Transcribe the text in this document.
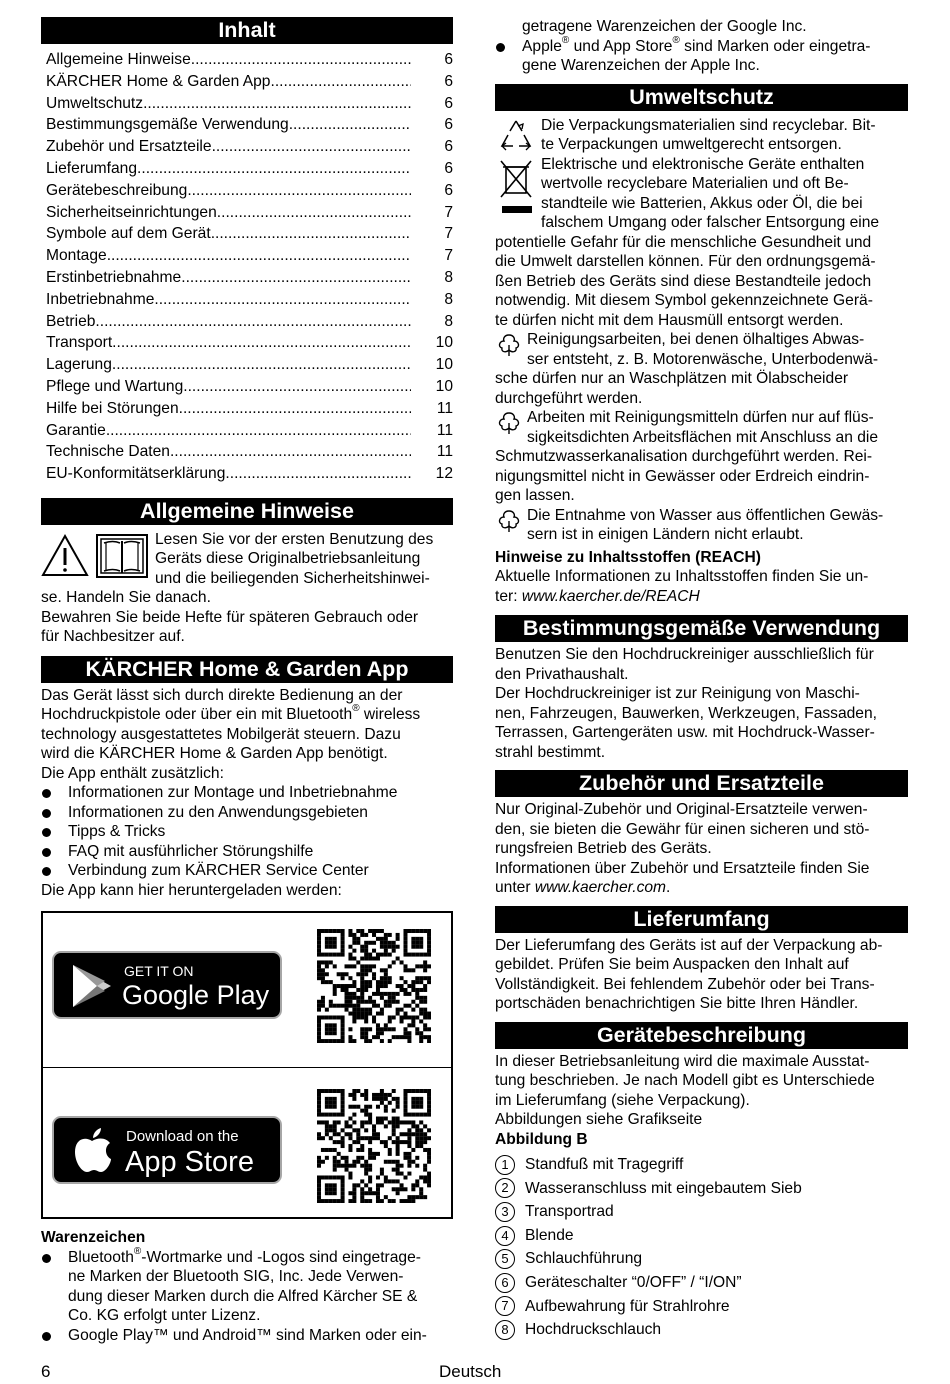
Inhalt
Allgemeine Hinweise .....	6
KÄRCHER Home & Garden App .....	6
Umweltschutz .....	6
Bestimmungsgemäße Verwendung .....	6
Zubehör und Ersatzteile .....	6
Lieferumfang .....	6
Gerätebeschreibung .....	6
Sicherheitseinrichtungen .....	7
Symbole auf dem Gerät .....	7
Montage .....	7
Erstinbetriebnahme .....	8
Inbetriebnahme .....	8
Betrieb .....	8
Transport .....	10
Lagerung .....	10
Pflege und Wartung .....	10
Hilfe bei Störungen .....	11
Garantie .....	11
Technische Daten .....	11
EU-Konformitätserklärung .....	12
Allgemeine Hinweise

Lesen Sie vor der ersten Benutzung des

Geräts diese Originalbetriebsanleitung

und die beiliegenden Sicherheitshinwei-

se. Handeln Sie danach.

Bewahren Sie beide Hefte für späteren Gebrauch oder

für Nachbesitzer auf.

KÄRCHER Home & Garden App

Das Gerät lässt sich durch direkte Bedienung an der

Hochdruckpistole oder über ein mit Bluetooth® wireless

technology ausgestattetes Mobilgerät steuern. Dazu

wird die KÄRCHER Home & Garden App benötigt.

Die App enthält zusätzlich:

Informationen zur Montage und Inbetriebnahme
Informationen zu den Anwendungsgebieten
Tipps & Tricks
FAQ mit ausführlicher Störungshilfe
Verbindung zum KÄRCHER Service Center

Die App kann hier heruntergeladen werden:

GET IT ON
Google Play
Download on the
App Store

Warenzeichen

Bluetooth®-Wortmarke und -Logos sind eingetrage-

ne Marken der Bluetooth SIG, Inc. Jede Verwen-

dung dieser Marken durch die Alfred Kärcher SE &

Co. KG erfolgt unter Lizenz.

Google Play™ und Android™ sind Marken oder ein-

getragene Warenzeichen der Google Inc.

Apple® und App Store® sind Marken oder eingetra-

gene Warenzeichen der Apple Inc.

Umweltschutz

Die Verpackungsmaterialien sind recyclebar. Bit-

te Verpackungen umweltgerecht entsorgen.

Elektrische und elektronische Geräte enthalten

wertvolle recyclebare Materialien und oft Be-

standteile wie Batterien, Akkus oder Öl, die bei

falschem Umgang oder falscher Entsorgung eine

potentielle Gefahr für die menschliche Gesundheit und

die Umwelt darstellen können. Für den ordnungsgemä-

ßen Betrieb des Geräts sind diese Bestandteile jedoch

notwendig. Mit diesem Symbol gekennzeichnete Gerä-

te dürfen nicht mit dem Hausmüll entsorgt werden.

Reinigungsarbeiten, bei denen ölhaltiges Abwas-

ser entsteht, z. B. Motorenwäsche, Unterbodenwä-

sche dürfen nur an Waschplätzen mit Ölabscheider

durchgeführt werden.

Arbeiten mit Reinigungsmitteln dürfen nur auf flüs-

sigkeitsdichten Arbeitsflächen mit Anschluss an die

Schmutzwasserkanalisation durchgeführt werden. Rei-

nigungsmittel nicht in Gewässer oder Erdreich eindrin-

gen lassen.

Die Entnahme von Wasser aus öffentlichen Gewäs-

sern ist in einigen Ländern nicht erlaubt.

Hinweise zu Inhaltsstoffen (REACH)

Aktuelle Informationen zu Inhaltsstoffen finden Sie un-

ter: www.kaercher.de/REACH

Bestimmungsgemäße Verwendung

Benutzen Sie den Hochdruckreiniger ausschließlich für

den Privathaushalt.

Der Hochdruckreiniger ist zur Reinigung von Maschi-

nen, Fahrzeugen, Bauwerken, Werkzeugen, Fassaden,

Terrassen, Gartengeräten usw. mit Hochdruck-Wasser-

strahl bestimmt.

Zubehör und Ersatzteile

Nur Original-Zubehör und Original-Ersatzteile verwen-

den, sie bieten die Gewähr für einen sicheren und stö-

rungsfreien Betrieb des Geräts.

Informationen über Zubehör und Ersatzteile finden Sie

unter www.kaercher.com.

Lieferumfang

Der Lieferumfang des Geräts ist auf der Verpackung ab-

gebildet. Prüfen Sie beim Auspacken den Inhalt auf

Vollständigkeit. Bei fehlendem Zubehör oder bei Trans-

portschäden benachrichtigen Sie bitte Ihren Händler.

Gerätebeschreibung

In dieser Betriebsanleitung wird die maximale Ausstat-

tung beschrieben. Je nach Modell gibt es Unterschiede

im Lieferumfang (siehe Verpackung).

Abbildungen siehe Grafikseite

Abbildung B

1	Standfuß mit Tragegriff
2	Wasseranschluss mit eingebautem Sieb
3	Transportrad
4	Blende
5	Schlauchführung
6	Geräteschalter “0/OFF” / “I/ON”
7	Aufbewahrung für Strahlrohre
8	Hochdruckschlauch
6	Deutsch
